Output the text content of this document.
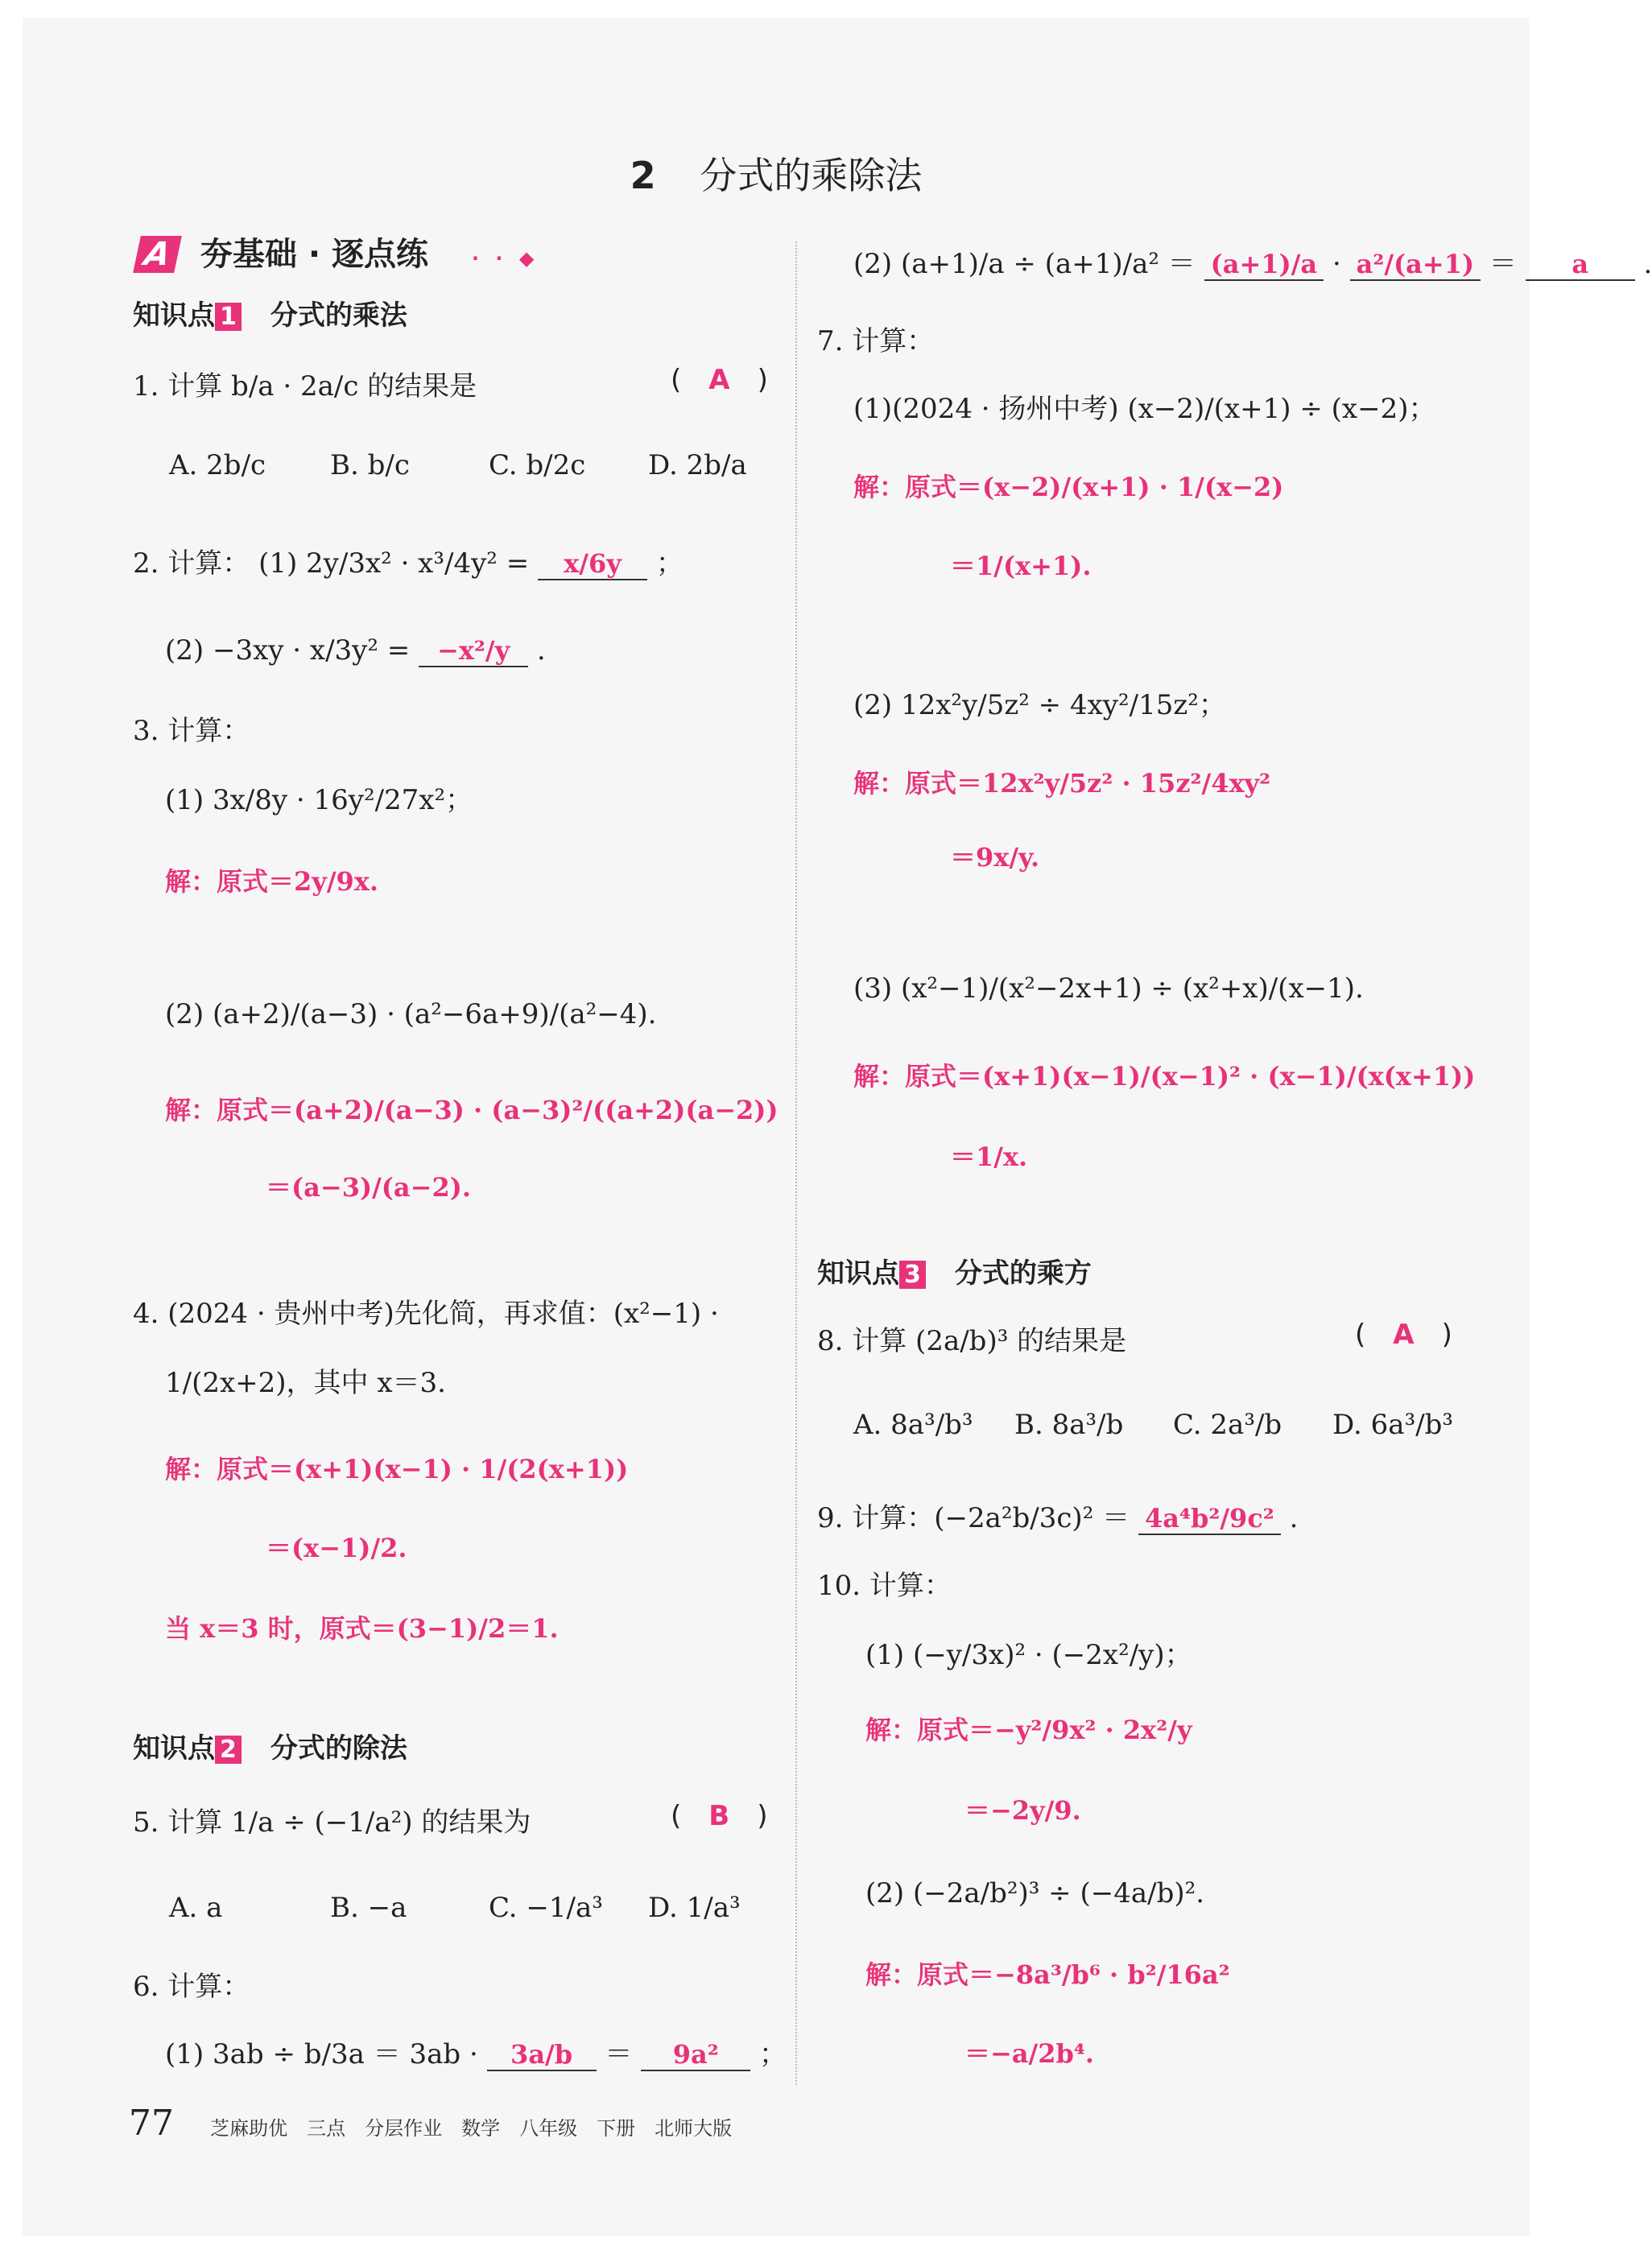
2 分式的乘除法
A 夯基础 · 逐点练 · · ◆
知识点 1 分式的乘法
1. 计算 b/a · 2a/c 的结果是	( A )
A. 2b/c B. b/c	C. b/2c D. 2b/a
2. 计算： (1) 2y/3x² · x³/4y² = x/6y ；
(2) −3xy · x/3y² = −x²/y .
3. 计算：
(1) 3x/8y · 16y²/27x²；
解：原式＝2y/9x.
(2) (a+2)/(a−3) · (a²−6a+9)/(a²−4).
解：原式＝(a+2)/(a−3) · (a−3)²/((a+2)(a−2))
＝(a−3)/(a−2).
4. (2024 · 贵州中考)先化简，再求值：(x²−1) ·
1/(2x+2)，其中 x＝3.
解：原式＝(x+1)(x−1) · 1/(2(x+1))
＝(x−1)/2.
当 x＝3 时，原式＝(3−1)/2＝1.
知识点 2 分式的除法
5. 计算 1/a ÷ (−1/a²) 的结果为	( B )
A. a	B. −a	C. −1/a³ D. 1/a³
6. 计算：
(1) 3ab ÷ b/3a ＝ 3ab · 3a/b ＝ 9a² ；
(2) (a+1)/a ÷ (a+1)/a² ＝ (a+1)/a · a²/(a+1) ＝ a .
7. 计算：
(1)(2024 · 扬州中考) (x−2)/(x+1) ÷ (x−2)；
解：原式＝(x−2)/(x+1) · 1/(x−2)
＝1/(x+1).
(2) 12x²y/5z² ÷ 4xy²/15z²；
解：原式＝12x²y/5z² · 15z²/4xy²
＝9x/y.
(3) (x²−1)/(x²−2x+1) ÷ (x²+x)/(x−1).
解：原式＝(x+1)(x−1)/(x−1)² · (x−1)/(x(x+1))
＝1/x.
知识点 3 分式的乘方
8. 计算 (2a/b)³ 的结果是	( A )
A. 8a³/b³ B. 8a³/b C. 2a³/b D. 6a³/b³
9. 计算：(−2a²b/3c)² ＝ 4a⁴b²/9c² .
10. 计算：
(1) (−y/3x)² · (−2x²/y)；
解：原式＝−y²/9x² · 2x²/y
＝−2y/9.
(2) (−2a/b²)³ ÷ (−4a/b)².
解：原式＝−8a³/b⁶ · b²/16a²
＝−a/2b⁴.
77 芝麻助优　三点　分层作业　数学　八年级　下册　北师大版
